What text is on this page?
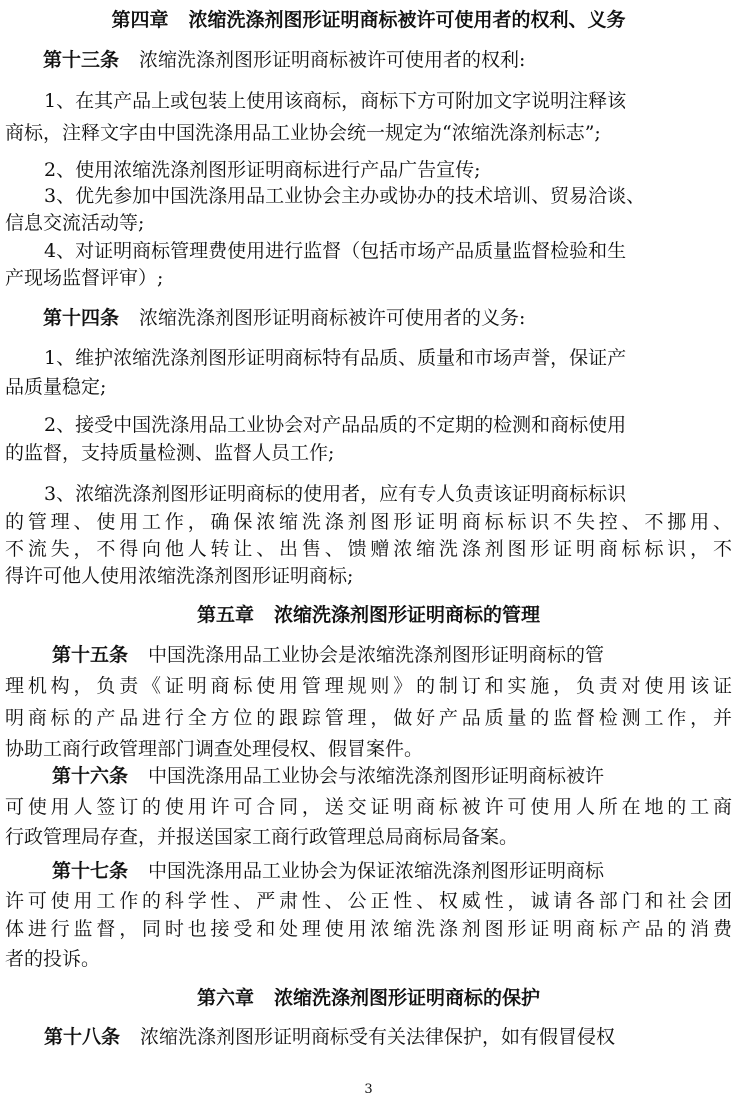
第四章 浓缩洗涤剂图形证明商标被许可使用者的权利、义务
第十三条 浓缩洗涤剂图形证明商标被许可使用者的权利:
1、在其产品上或包装上使用该商标，商标下方可附加文字说明注释该
商标，注释文字由中国洗涤用品工业协会统一规定为“浓缩洗涤剂标志”;
2、使用浓缩洗涤剂图形证明商标进行产品广告宣传;
3、优先参加中国洗涤用品工业协会主办或协办的技术培训、贸易洽谈、
信息交流活动等;
4、对证明商标管理费使用进行监督（包括市场产品质量监督检验和生
产现场监督评审）;
第十四条 浓缩洗涤剂图形证明商标被许可使用者的义务:
1、维护浓缩洗涤剂图形证明商标特有品质、质量和市场声誉，保证产
品质量稳定;
2、接受中国洗涤用品工业协会对产品品质的不定期的检测和商标使用
的监督，支持质量检测、监督人员工作;
3、浓缩洗涤剂图形证明商标的使用者，应有专人负责该证明商标标识
的管理、使用工作，确保浓缩洗涤剂图形证明商标标识不失控、不挪用、
不流失，不得向他人转让、出售、馈赠浓缩洗涤剂图形证明商标标识，不
得许可他人使用浓缩洗涤剂图形证明商标;
第五章 浓缩洗涤剂图形证明商标的管理
第十五条 中国洗涤用品工业协会是浓缩洗涤剂图形证明商标的管
理机构，负责《证明商标使用管理规则》的制订和实施，负责对使用该证
明商标的产品进行全方位的跟踪管理，做好产品质量的监督检测工作，并
协助工商行政管理部门调查处理侵权、假冒案件。
第十六条 中国洗涤用品工业协会与浓缩洗涤剂图形证明商标被许
可使用人签订的使用许可合同，送交证明商标被许可使用人所在地的工商
行政管理局存查，并报送国家工商行政管理总局商标局备案。
第十七条 中国洗涤用品工业协会为保证浓缩洗涤剂图形证明商标
许可使用工作的科学性、严肃性、公正性、权威性，诚请各部门和社会团
体进行监督，同时也接受和处理使用浓缩洗涤剂图形证明商标产品的消费
者的投诉。
第六章 浓缩洗涤剂图形证明商标的保护
第十八条 浓缩洗涤剂图形证明商标受有关法律保护，如有假冒侵权
3
